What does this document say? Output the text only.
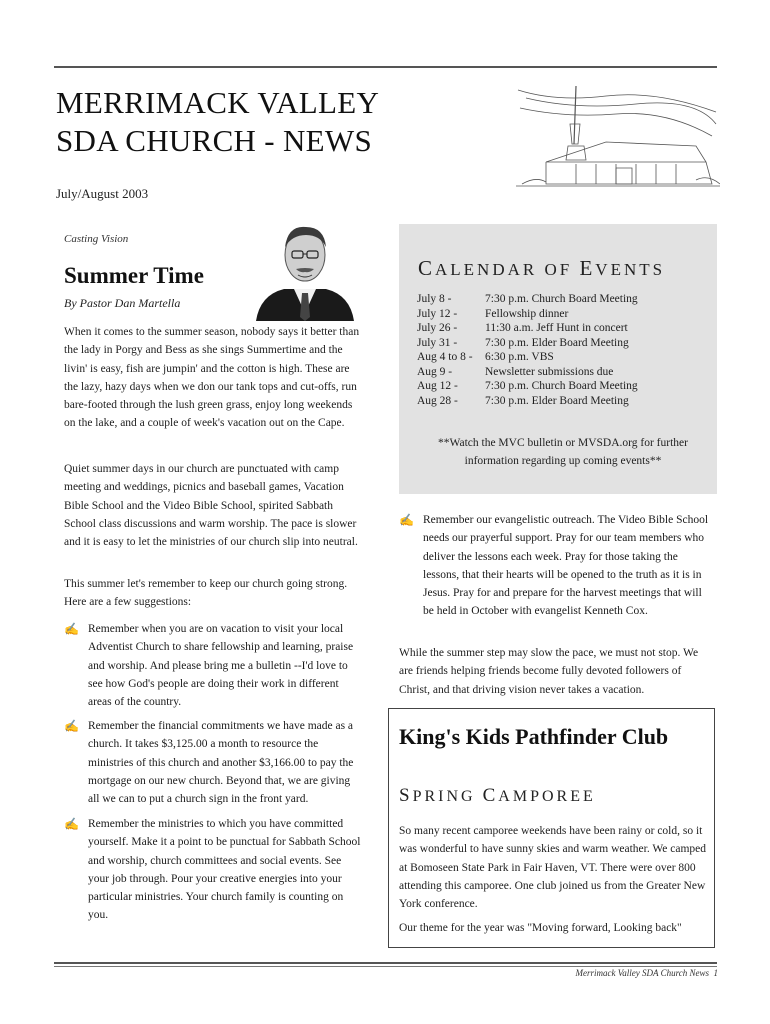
MERRIMACK VALLEY
SDA CHURCH - NEWS
July/August 2003
Casting Vision
Summer Time
By Pastor Dan Martella
When it comes to the summer season, nobody says it better than the lady in Porgy and Bess as she sings Summertime and the livin' is easy, fish are jumpin' and the cotton is high. These are the lazy, hazy days when we don our tank tops and cut-offs, run bare-footed through the lush green grass, enjoy long weekends on the lake, and a couple of week's vacation out on the Cape.
Quiet summer days in our church are punctuated with camp meeting and weddings, picnics and baseball games, Vacation Bible School and the Video Bible School, spirited Sabbath School class discussions and warm worship. The pace is slower and it is easy to let the ministries of our church slip into neutral.
This summer let's remember to keep our church going strong. Here are a few suggestions:
✍ Remember when you are on vacation to visit your local Adventist Church to share fellowship and learning, praise and worship. And please bring me a bulletin --I'd love to see how God's people are doing their work in different areas of the country.
✍ Remember the financial commitments we have made as a church. It takes $3,125.00 a month to resource the ministries of this church and another $3,166.00 to pay the mortgage on our new church. Beyond that, we are giving all we can to put a church sign in the front yard.
✍ Remember the ministries to which you have committed yourself. Make it a point to be punctual for Sabbath School and worship, church committees and social events. See your job through. Pour your creative energies into your particular ministries. Your church family is counting on you.
CALENDAR OF EVENTS
July 8 -	7:30 p.m. Church Board Meeting
July 12 -	Fellowship dinner
July 26 -	11:30 a.m. Jeff Hunt in concert
July 31 -	7:30 p.m. Elder Board Meeting
Aug 4 to 8 -	6:30 p.m. VBS
Aug 9 -	Newsletter submissions due
Aug 12 -	7:30 p.m. Church Board Meeting
Aug 28 -	7:30 p.m. Elder Board Meeting
**Watch the MVC bulletin or MVSDA.org for further information regarding up coming events**
✍ Remember our evangelistic outreach. The Video Bible School needs our prayerful support. Pray for our team members who deliver the lessons each week. Pray for those taking the lessons, that their hearts will be opened to the truth as it is in Jesus. Pray for and prepare for the harvest meetings that will be held in October with evangelist Kenneth Cox.
While the summer step may slow the pace, we must not stop. We are friends helping friends become fully devoted followers of Christ, and that driving vision never takes a vacation.
King's Kids Pathfinder Club
SPRING CAMPOREE
So many recent camporee weekends have been rainy or cold, so it was wonderful to have sunny skies and warm weather. We camped at Bomoseen State Park in Fair Haven, VT. There were over 800 attending this camporee. One club joined us from the Greater New York conference.
Our theme for the year was "Moving forward, Looking back"
Merrimack Valley SDA Church News 1
